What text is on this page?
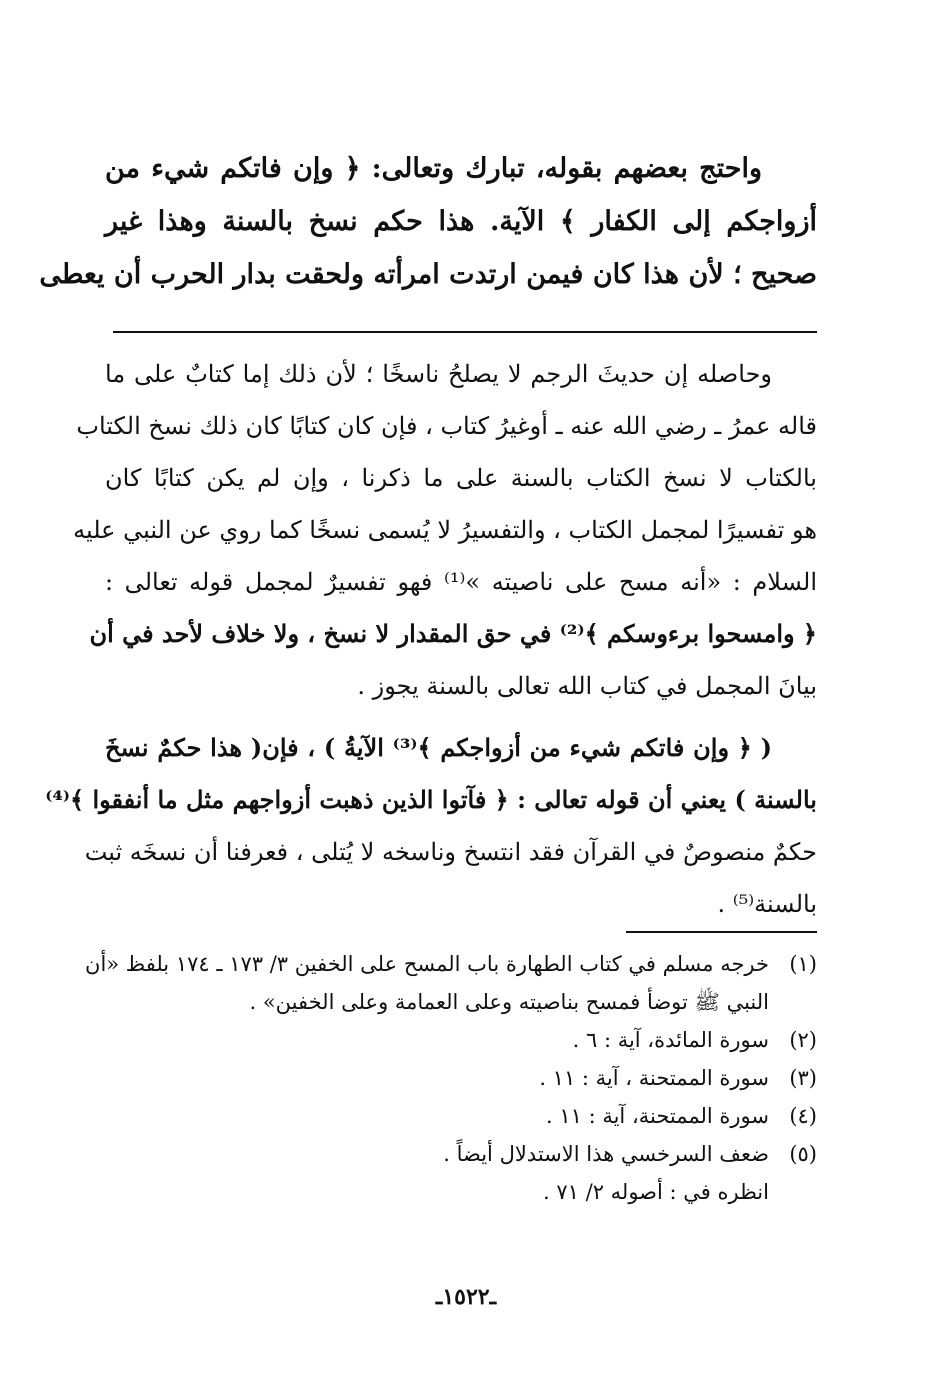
واحتج بعضهم بقوله، تبارك وتعالى: ﴿ وإن فاتكم شيء من
أزواجكم إلى الكفار ﴾ الآية. هذا حكم نسخ بالسنة وهذا غير
صحيح ؛ لأن هذا كان فيمن ارتدت امرأته ولحقت بدار الحرب أن يعطى

وحاصله إن حديثَ الرجم لا يصلحُ ناسخًا ؛ لأن ذلك إما كتابٌ على ما
قاله عمرُ ـ رضي الله عنه ـ أوغيرُ كتاب ، فإن كان كتابًا كان ذلك نسخ الكتاب
بالكتاب لا نسخ الكتاب بالسنة على ما ذكرنا ، وإن لم يكن كتابًا كان
هو تفسيرًا لمجمل الكتاب ، والتفسيرُ لا يُسمى نسخًا كما روي عن النبي عليه
السلام : «أنه مسح على ناصيته »⁽¹⁾ فهو تفسيرٌ لمجمل قوله تعالى :
﴿ وامسحوا برءوسكم ﴾⁽²⁾ في حق المقدار لا نسخ ، ولا خلاف لأحد في أن
بيانَ المجمل في كتاب الله تعالى بالسنة يجوز .

( ﴿ وإن فاتكم شيء من أزواجكم ﴾⁽³⁾ الآيةُ ) ، فإن( هذا حكمٌ نسخَ
بالسنة ) يعني أن قوله تعالى : ﴿ فآتوا الذين ذهبت أزواجهم مثل ما أنفقوا ﴾⁽⁴⁾
حكمٌ منصوصٌ في القرآن فقد انتسخ وناسخه لا يُتلى ، فعرفنا أن نسخَه ثبت
بالسنة⁽⁵⁾ .

(١)
خرجه مسلم في كتاب الطهارة باب المسح على الخفين ٣/ ١٧٣ ـ ١٧٤ بلفظ «أن
النبي ﷺ توضأ فمسح بناصيته وعلى العمامة وعلى الخفين» .
(٢)
سورة المائدة، آية : ٦ .
(٣)
سورة الممتحنة ، آية : ١١ .
(٤)
سورة الممتحنة، آية : ١١ .
(٥)
ضعف السرخسي هذا الاستدلال أيضاً .
انظره في : أصوله ٢/ ٧١ .
ـ١٥٢٢ـ
